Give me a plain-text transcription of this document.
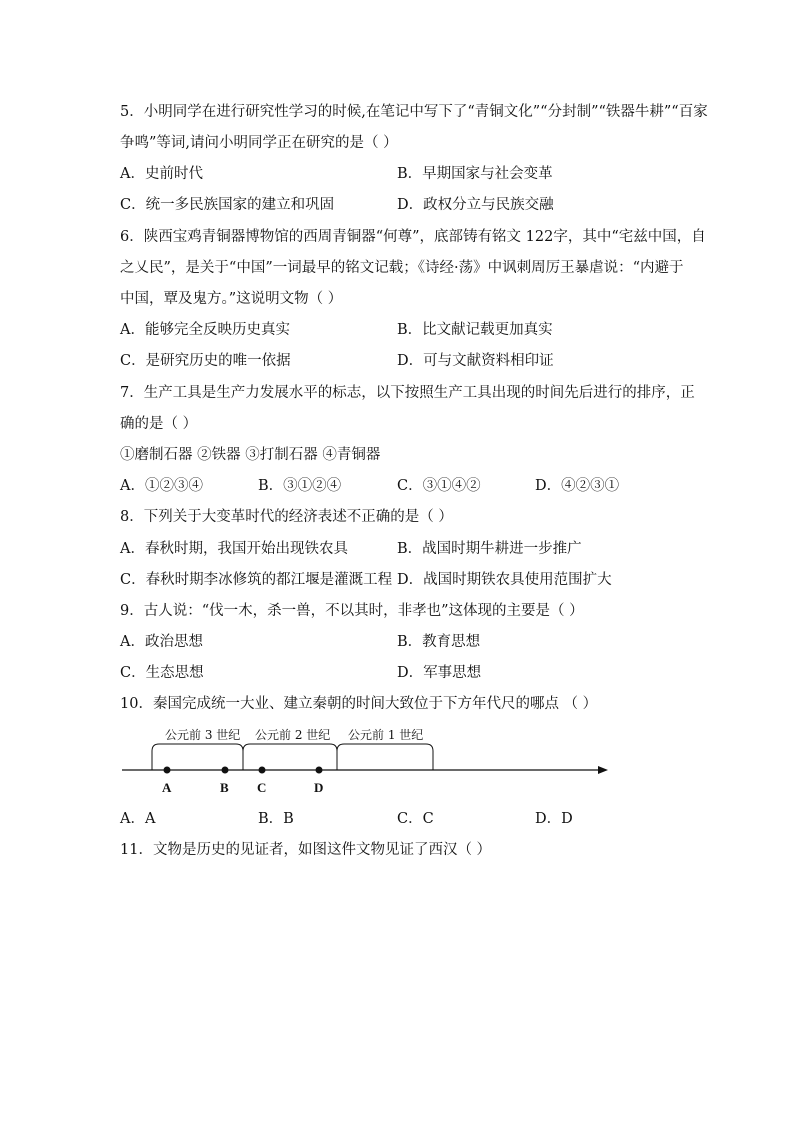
5．小明同学在进行研究性学习的时候,在笔记中写下了“青铜文化”“分封制”“铁器牛耕”“百家
争鸣”等词,请问小明同学正在研究的是（ ）
A．史前时代	B．早期国家与社会变革
C．统一多民族国家的建立和巩固	D．政权分立与民族交融
6．陕西宝鸡青铜器博物馆的西周青铜器“何尊”，底部铸有铭文 122字，其中“宅兹中国，自
之乂民”，是关于“中国”一词最早的铭文记载；《诗经·荡》中讽刺周厉王暴虐说：“内避于
中国，覃及鬼方。”这说明文物（ ）
A．能够完全反映历史真实	B．比文献记载更加真实
C．是研究历史的唯一依据	D．可与文献资料相印证
7．生产工具是生产力发展水平的标志，以下按照生产工具出现的时间先后进行的排序，正
确的是（ ）
①磨制石器 ②铁器 ③打制石器 ④青铜器
A．①②③④	B．③①②④	C．③①④②	D．④②③①
8．下列关于大变革时代的经济表述不正确的是（ ）
A．春秋时期，我国开始出现铁农具	B．战国时期牛耕进一步推广
C．春秋时期李冰修筑的都江堰是灌溉工程 D．战国时期铁农具使用范围扩大
9．古人说：“伐一木，杀一兽，不以其时，非孝也”这体现的主要是（ ）
A．政治思想	B．教育思想
C．生态思想	D．军事思想
10．秦国完成统一大业、建立秦朝的时间大致位于下方年代尺的哪点 （ ）
公元前 3 世纪 公元前 2 世纪 公元前 1 世纪
A	B C	D
A．A	B．B	C．C	D．D
11．文物是历史的见证者，如图这件文物见证了西汉（ ）
